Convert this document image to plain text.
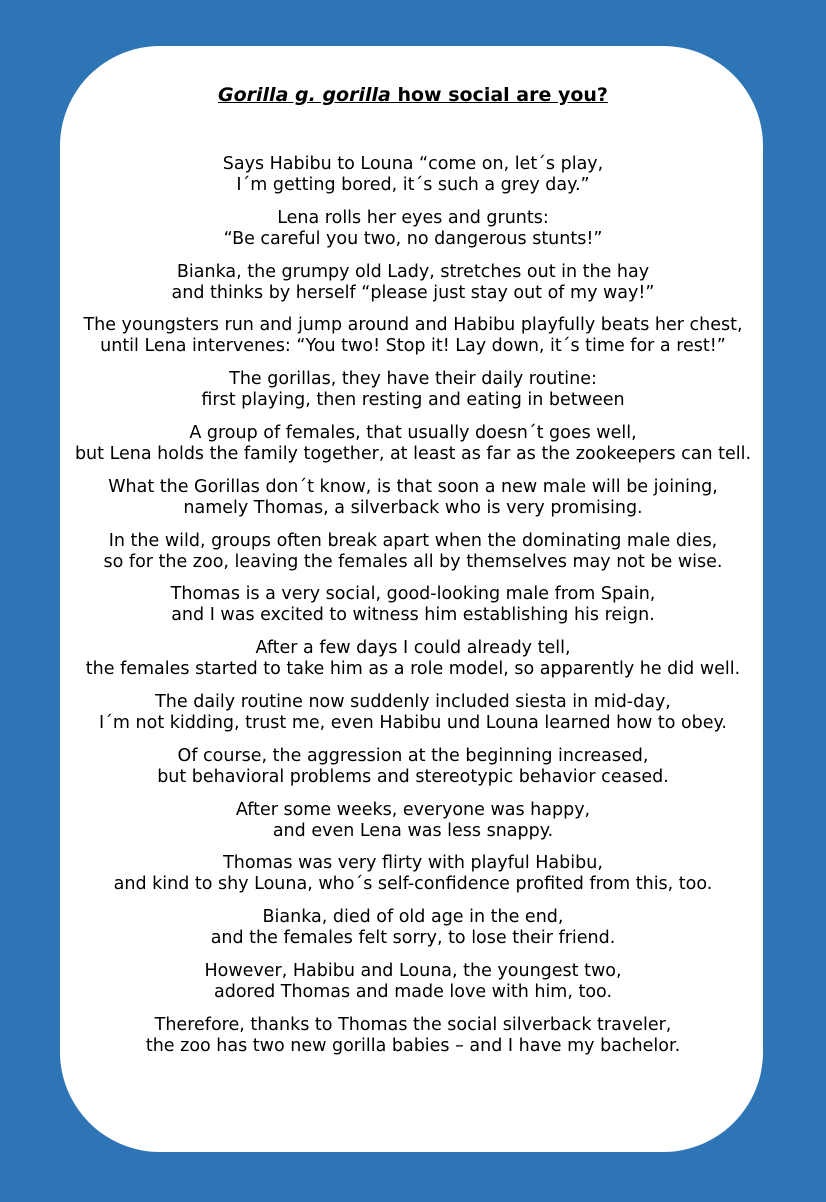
Gorilla g. gorilla how social are you?
Says Habibu to Louna “come on, let´s play,
I´m getting bored, it´s such a grey day.”
Lena rolls her eyes and grunts:
“Be careful you two, no dangerous stunts!”
Bianka, the grumpy old Lady, stretches out in the hay
and thinks by herself “please just stay out of my way!”
The youngsters run and jump around and Habibu playfully beats her chest,
until Lena intervenes: “You two! Stop it! Lay down, it´s time for a rest!”
The gorillas, they have their daily routine:
first playing, then resting and eating in between
A group of females, that usually doesn´t goes well,
but Lena holds the family together, at least as far as the zookeepers can tell.
What the Gorillas don´t know, is that soon a new male will be joining,
namely Thomas, a silverback who is very promising.
In the wild, groups often break apart when the dominating male dies,
so for the zoo, leaving the females all by themselves may not be wise.
Thomas is a very social, good-looking male from Spain,
and I was excited to witness him establishing his reign.
After a few days I could already tell,
the females started to take him as a role model, so apparently he did well.
The daily routine now suddenly included siesta in mid-day,
I´m not kidding, trust me, even Habibu und Louna learned how to obey.
Of course, the aggression at the beginning increased,
but behavioral problems and stereotypic behavior ceased.
After some weeks, everyone was happy,
and even Lena was less snappy.
Thomas was very flirty with playful Habibu,
and kind to shy Louna, who´s self-confidence profited from this, too.
Bianka, died of old age in the end,
and the females felt sorry, to lose their friend.
However, Habibu and Louna, the youngest two,
adored Thomas and made love with him, too.
Therefore, thanks to Thomas the social silverback traveler,
the zoo has two new gorilla babies – and I have my bachelor.
